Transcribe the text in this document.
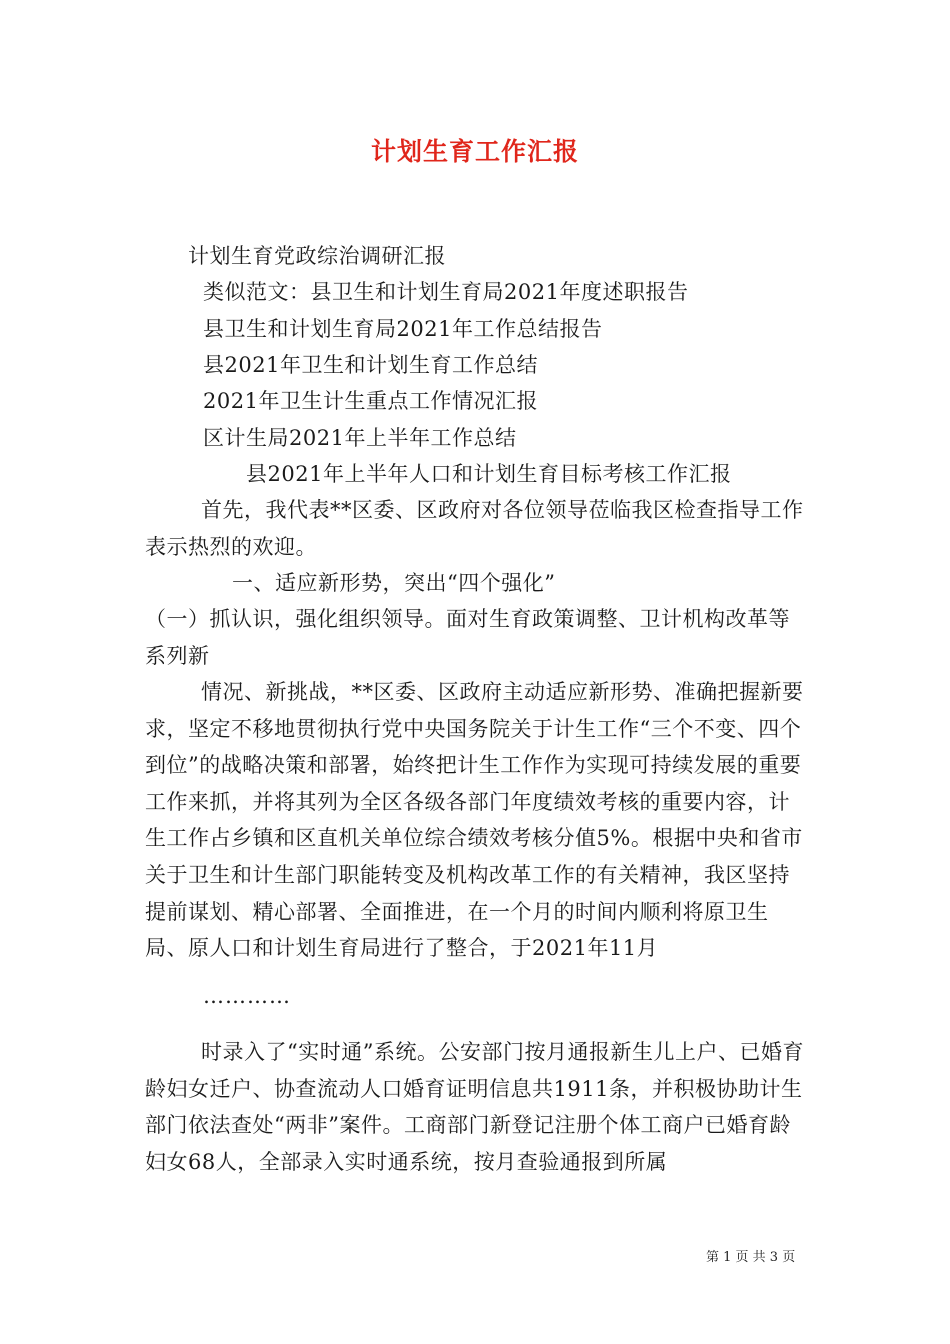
计划生育工作汇报
计划生育党政综治调研汇报
类似范文：县卫生和计划生育局2021年度述职报告
县卫生和计划生育局2021年工作总结报告
县2021年卫生和计划生育工作总结
2021年卫生计生重点工作情况汇报
区计生局2021年上半年工作总结
县2021年上半年人口和计划生育目标考核工作汇报

首先，我代表**区委、区政府对各位领导莅临我区检查指导工作表示热烈的欢迎。

一、适应新形势，突出“四个强化”

（一）抓认识，强化组织领导。面对生育政策调整、卫计机构改革等系列新

情况、新挑战，**区委、区政府主动适应新形势、准确把握新要求，坚定不移地贯彻执行党中央国务院关于计生工作“三个不变、四个到位”的战略决策和部署，始终把计生工作作为实现可持续发展的重要工作来抓，并将其列为全区各级各部门年度绩效考核的重要内容，计生工作占乡镇和区直机关单位综合绩效考核分值5%。根据中央和省市关于卫生和计生部门职能转变及机构改革工作的有关精神，我区坚持提前谋划、精心部署、全面推进，在一个月的时间内顺利将原卫生局、原人口和计划生育局进行了整合，于2021年11月

…………

时录入了“实时通”系统。公安部门按月通报新生儿上户、已婚育龄妇女迁户、协查流动人口婚育证明信息共1911条，并积极协助计生部门依法查处“两非”案件。工商部门新登记注册个体工商户已婚育龄妇女68人，全部录入实时通系统，按月查验通报到所属

第 1 页 共 3 页
